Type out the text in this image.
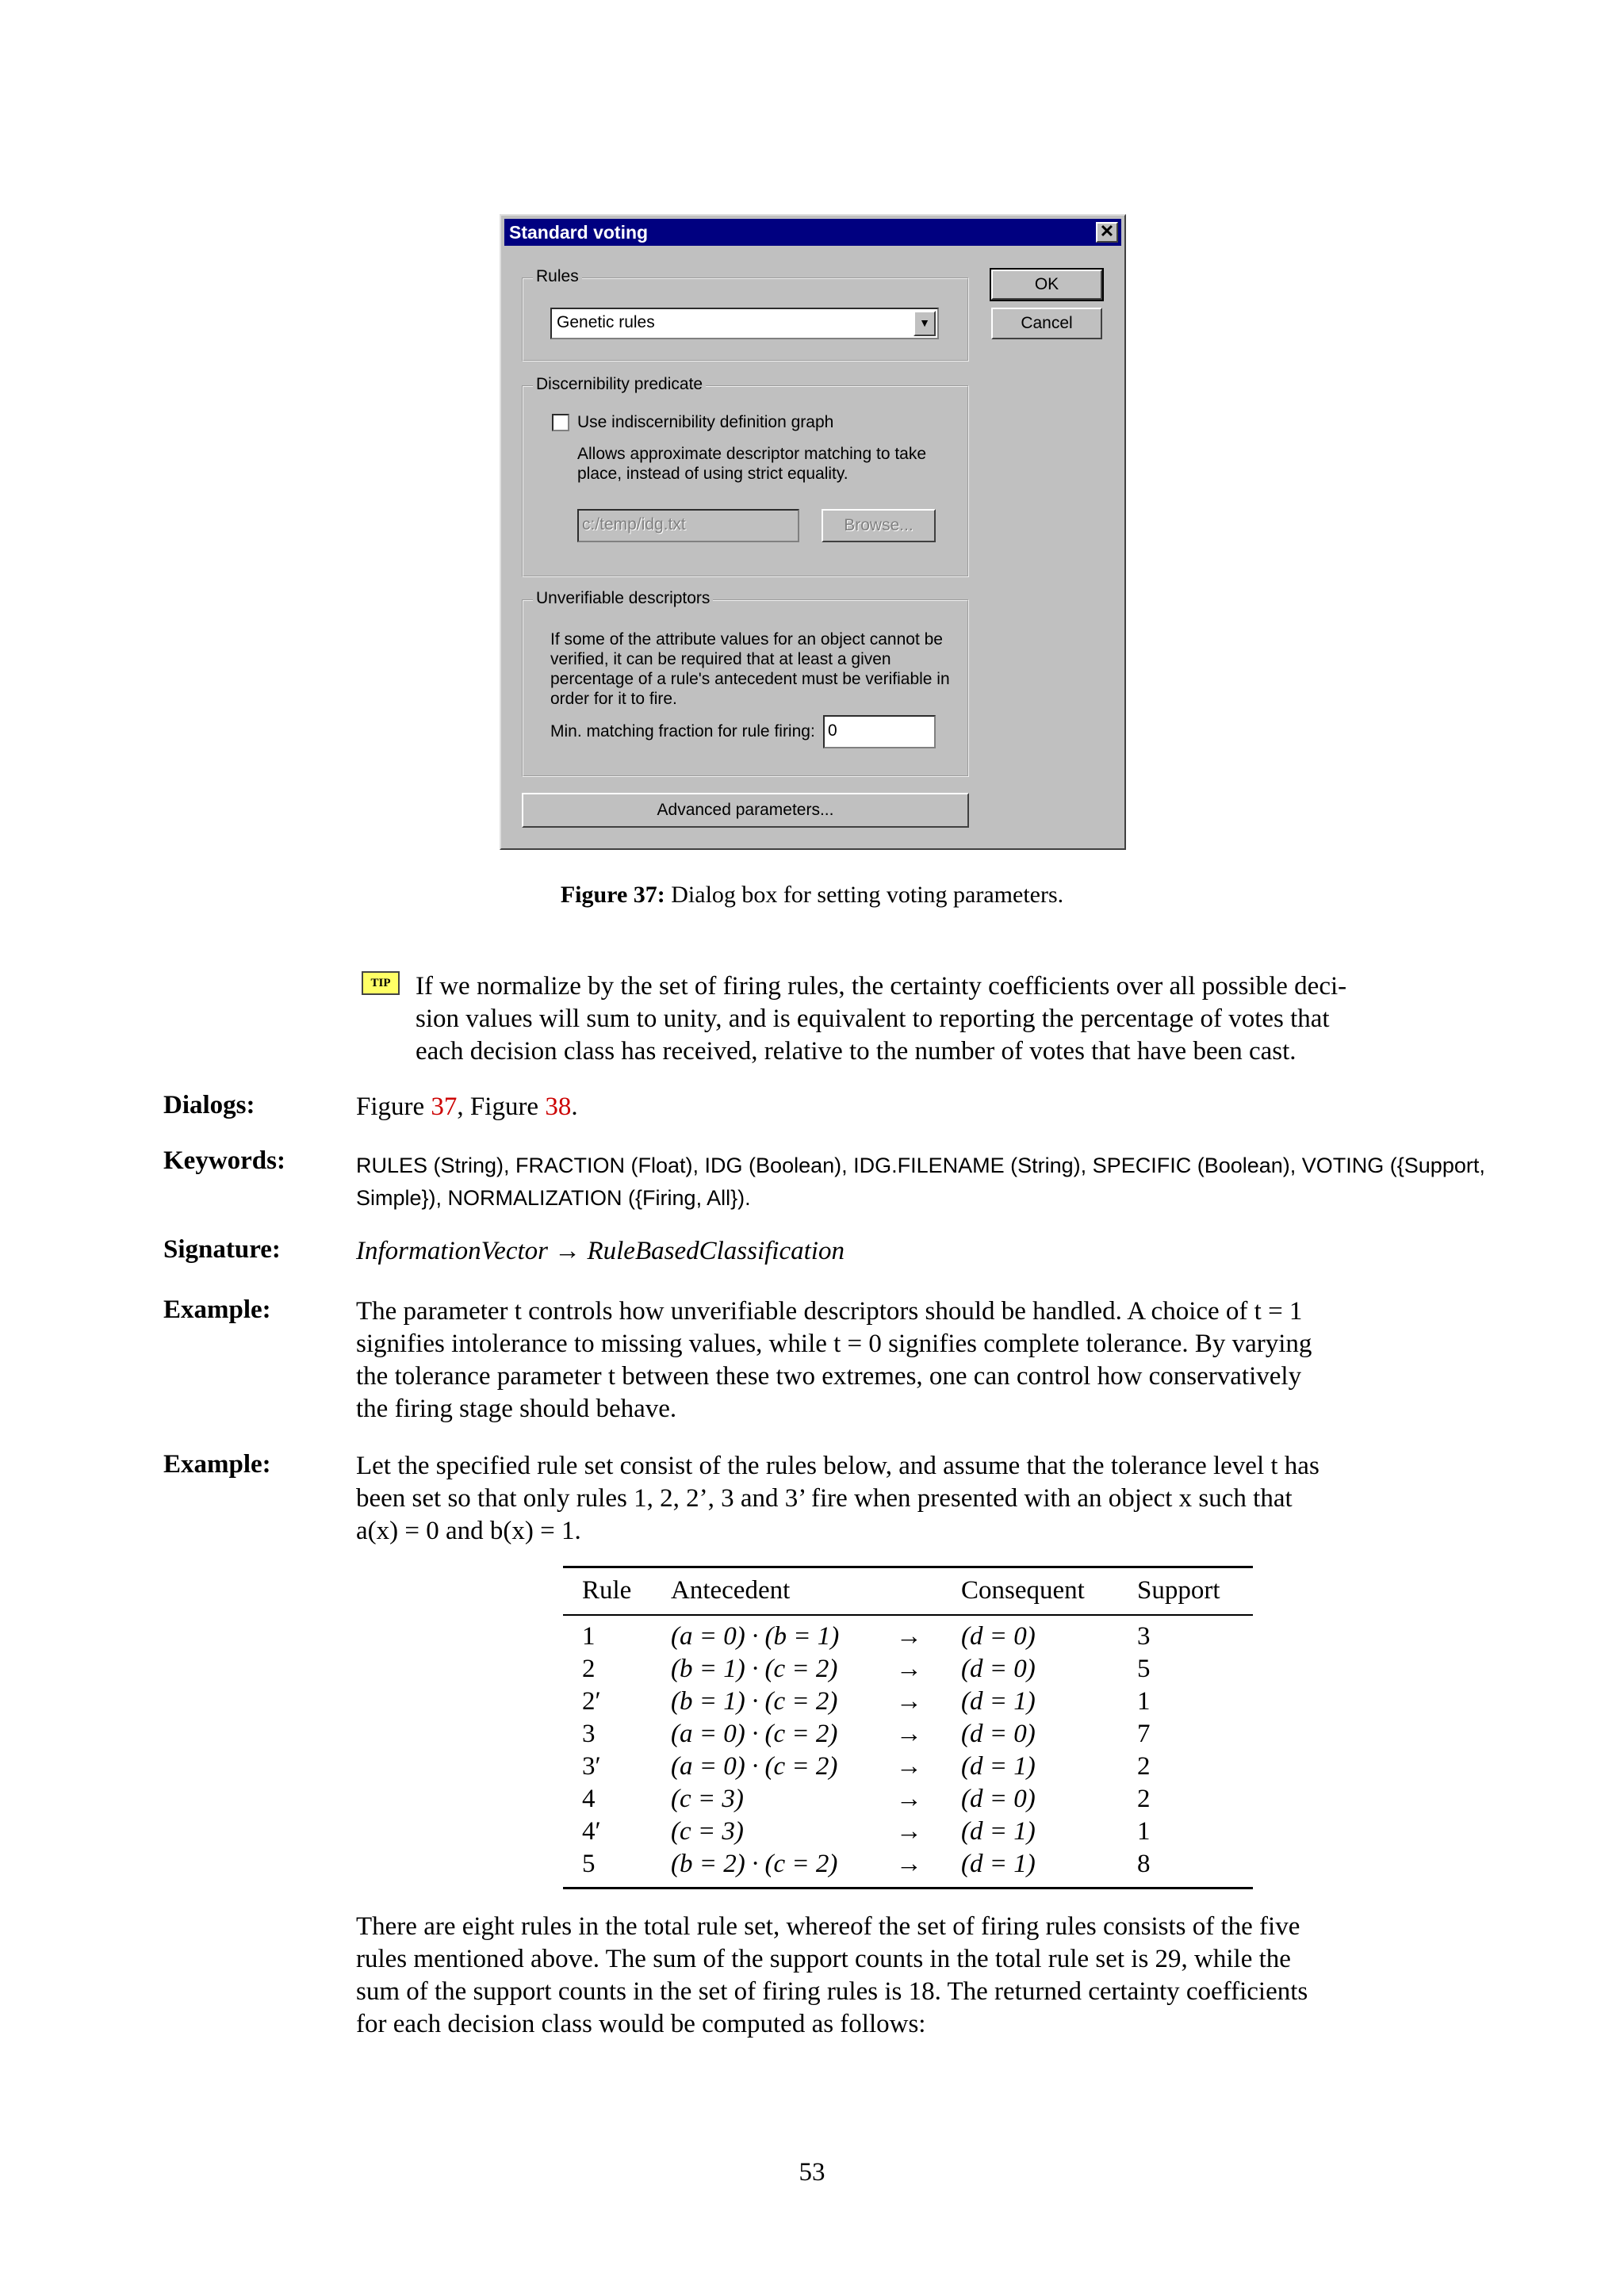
Standard voting	✕
Rules
Genetic rules	▼
OK
Cancel
Discernibility predicate
Use indiscernibility definition graph
Allows approximate descriptor matching to take
place, instead of using strict equality.
c:/temp/idg.txt	Browse...
Unverifiable descriptors
If some of the attribute values for an object cannot be
verified, it can be required that at least a given
percentage of a rule's antecedent must be verifiable in
order for it to fire.
Min. matching fraction for rule firing: 0
Advanced parameters...
Figure 37: Dialog box for setting voting parameters.
TIP If we normalize by the set of firing rules, the certainty coefficients over all possible deci-
sion values will sum to unity, and is equivalent to reporting the percentage of votes that
each decision class has received, relative to the number of votes that have been cast.
Dialogs:	Figure 37, Figure 38.
Keywords:	RULES (String), FRACTION (Float), IDG (Boolean), IDG.FILENAME (String), SPECIFIC (Boolean), VOTING ({Support,
Simple}), NORMALIZATION ({Firing, All}).
Signature:	InformationVector → RuleBasedClassification
Example:	The parameter t controls how unverifiable descriptors should be handled. A choice of t = 1
signifies intolerance to missing values, while t = 0 signifies complete tolerance. By varying
the tolerance parameter t between these two extremes, one can control how conservatively
the firing stage should behave.
Example:	Let the specified rule set consist of the rules below, and assume that the tolerance level t has
been set so that only rules 1, 2, 2’, 3 and 3’ fire when presented with an object x such that
a(x) = 0 and b(x) = 1.
Rule Antecedent	Consequent Support
1	(a = 0) · (b = 1) → (d = 0)	3
2	(b = 1) · (c = 2) → (d = 0)	5
2′	(b = 1) · (c = 2) → (d = 1)	1
3	(a = 0) · (c = 2) → (d = 0)	7
3′	(a = 0) · (c = 2) → (d = 1)	2
4	(c = 3)	→ (d = 0)	2
4′	(c = 3)	→ (d = 1)	1
5	(b = 2) · (c = 2) → (d = 1)	8
There are eight rules in the total rule set, whereof the set of firing rules consists of the five
rules mentioned above. The sum of the support counts in the total rule set is 29, while the
sum of the support counts in the set of firing rules is 18. The returned certainty coefficients
for each decision class would be computed as follows:
53
